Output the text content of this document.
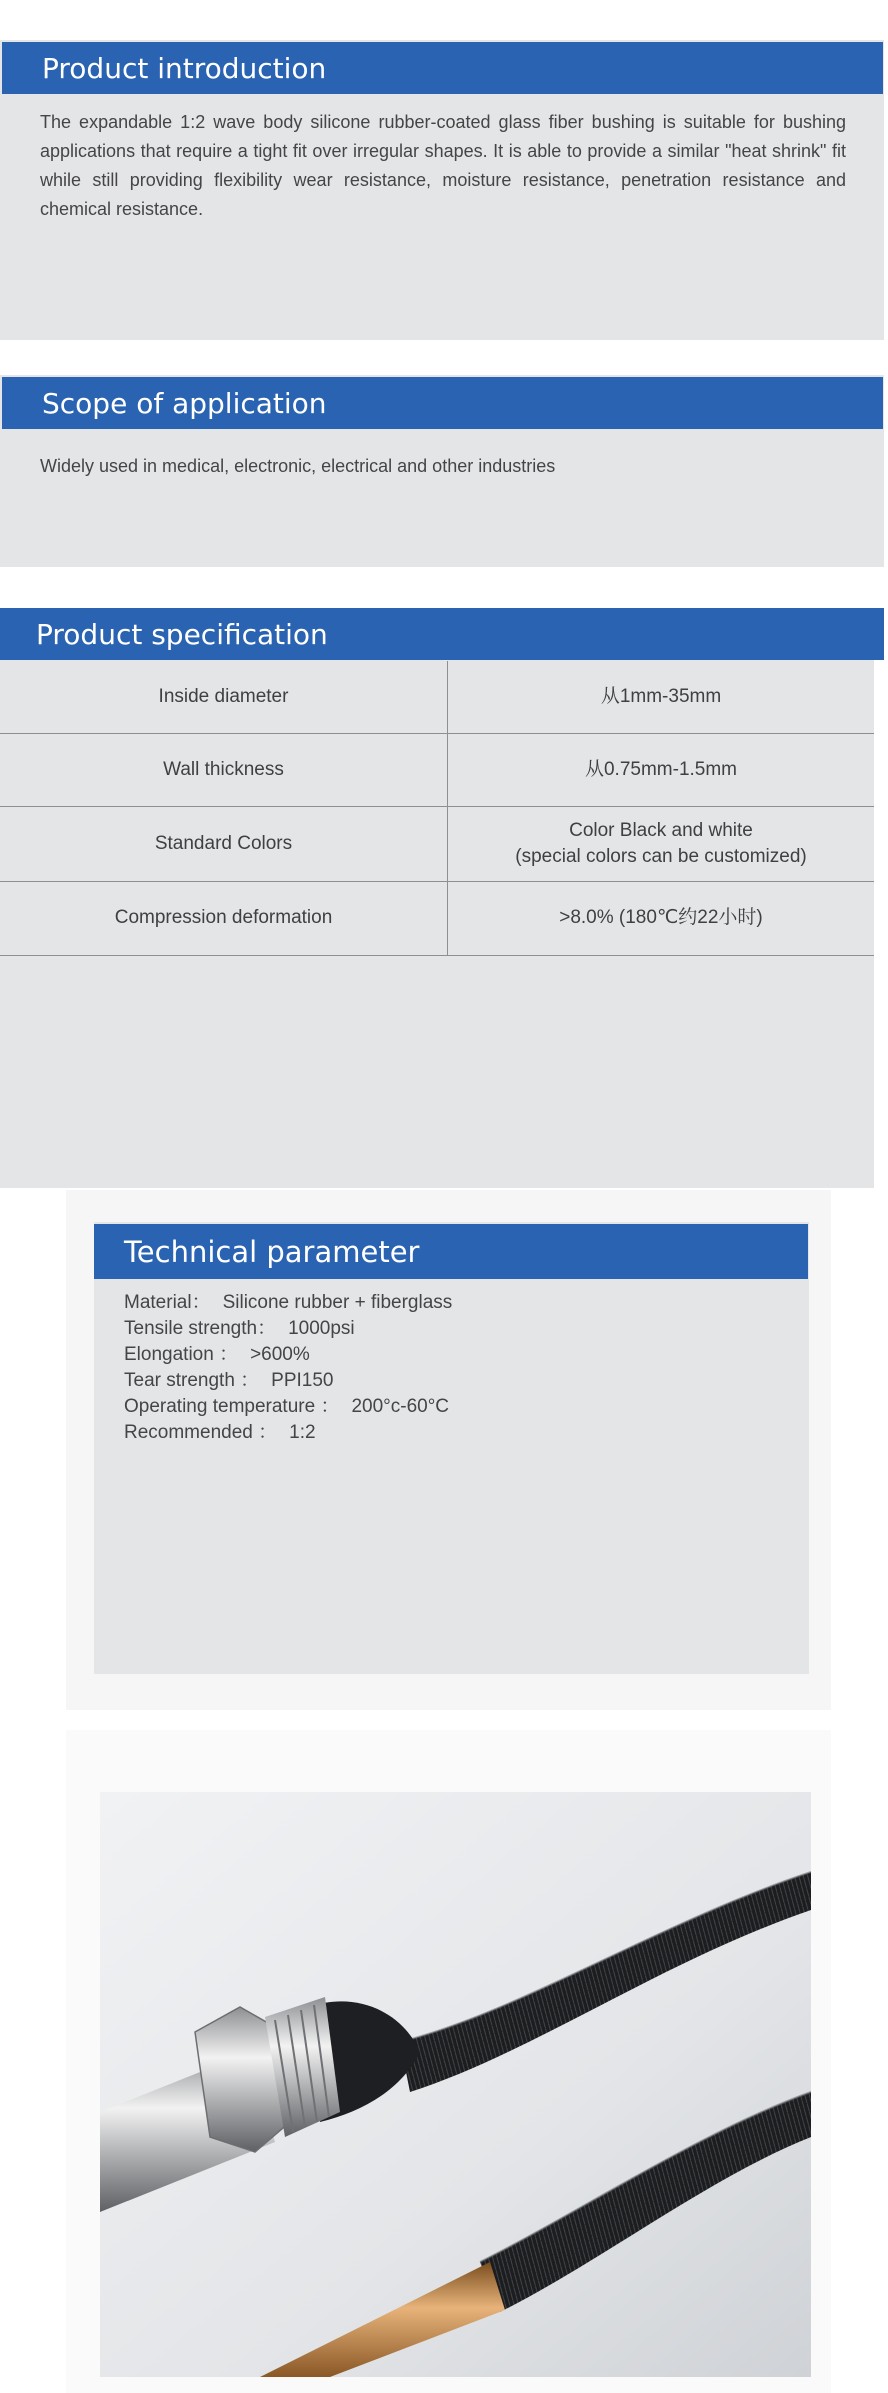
Product introduction
The expandable 1:2 wave body silicone rubber-coated glass fiber bushing is suitable for bushing applications that require a tight fit over irregular shapes. It is able to provide a similar "heat shrink" fit while still providing flexibility wear resistance, moisture resistance, penetration resistance and chemical resistance.
Scope of application
Widely used in medical, electronic, electrical and other industries
Product specification
Inside diameter	从1mm-35mm
Wall thickness	从0.75mm-1.5mm
Standard Colors	Color Black and white
(special colors can be customized)

Compression deformation	>8.0% (180℃约22小时)
Technical parameter
Material： Silicone rubber + fiberglass
Tensile strength： 1000psi
Elongation ： >600%
Tear strength ： PPI150
Operating temperature ： 200°c-60°C
Recommended ： 1:2
